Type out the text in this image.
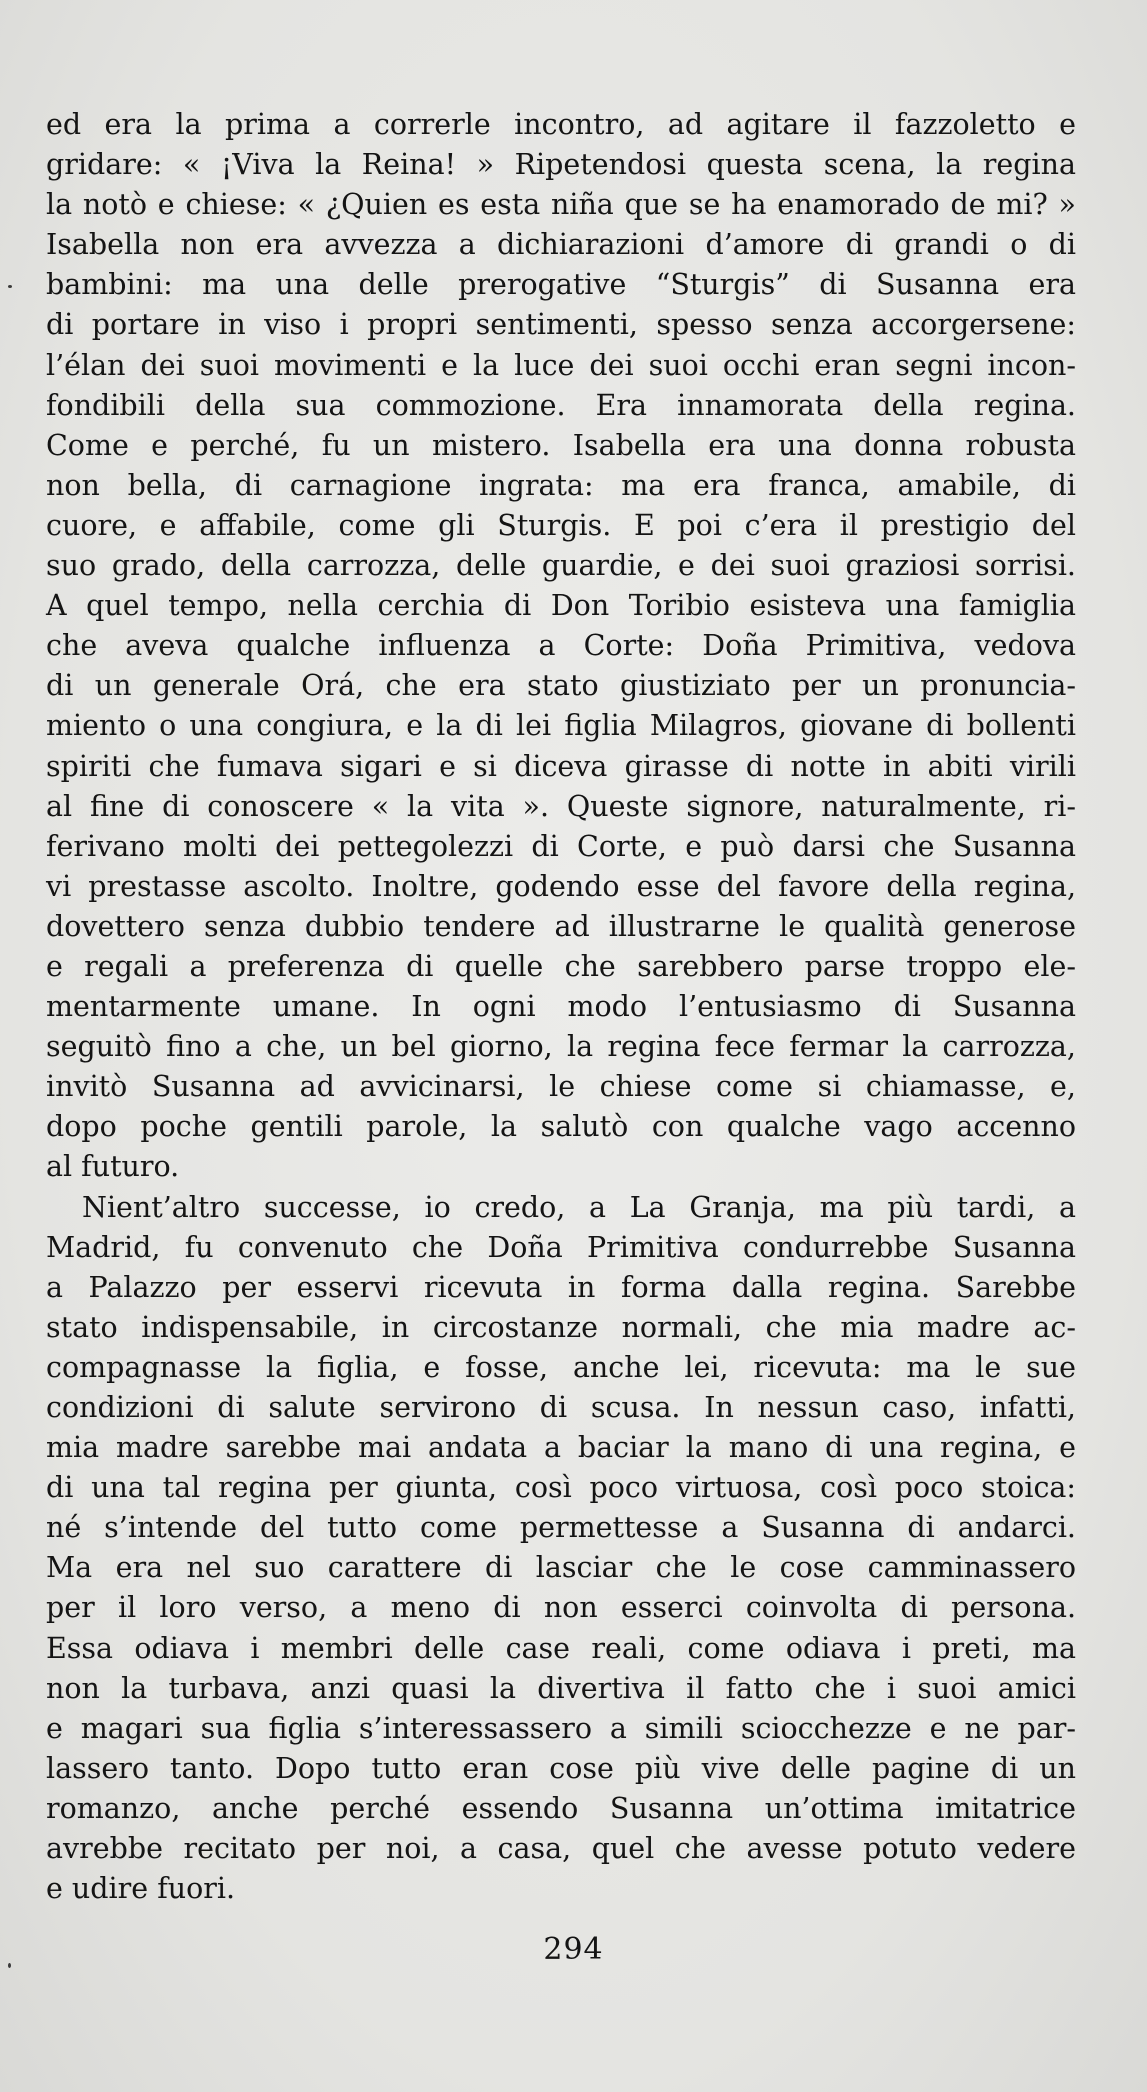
ed era la prima a correrle incontro, ad agitare il fazzoletto e
gridare: « ¡Viva la Reina! » Ripetendosi questa scena, la regina
la notò e chiese: « ¿Quien es esta niña que se ha enamorado de mi? »
Isabella non era avvezza a dichiarazioni d’amore di grandi o di
bambini: ma una delle prerogative “Sturgis” di Susanna era
di portare in viso i propri sentimenti, spesso senza accorgersene:
l’élan dei suoi movimenti e la luce dei suoi occhi eran segni incon-
fondibili della sua commozione. Era innamorata della regina.
Come e perché, fu un mistero. Isabella era una donna robusta
non bella, di carnagione ingrata: ma era franca, amabile, di
cuore, e affabile, come gli Sturgis. E poi c’era il prestigio del
suo grado, della carrozza, delle guardie, e dei suoi graziosi sorrisi.
A quel tempo, nella cerchia di Don Toribio esisteva una famiglia
che aveva qualche influenza a Corte: Doña Primitiva, vedova
di un generale Orá, che era stato giustiziato per un pronuncia-
miento o una congiura, e la di lei figlia Milagros, giovane di bollenti
spiriti che fumava sigari e si diceva girasse di notte in abiti virili
al fine di conoscere « la vita ». Queste signore, naturalmente, ri-
ferivano molti dei pettegolezzi di Corte, e può darsi che Susanna
vi prestasse ascolto. Inoltre, godendo esse del favore della regina,
dovettero senza dubbio tendere ad illustrarne le qualità generose
e regali a preferenza di quelle che sarebbero parse troppo ele-
mentarmente umane. In ogni modo l’entusiasmo di Susanna
seguitò fino a che, un bel giorno, la regina fece fermar la carrozza,
invitò Susanna ad avvicinarsi, le chiese come si chiamasse, e,
dopo poche gentili parole, la salutò con qualche vago accenno
al futuro.
Nient’altro successe, io credo, a La Granja, ma più tardi, a
Madrid, fu convenuto che Doña Primitiva condurrebbe Susanna
a Palazzo per esservi ricevuta in forma dalla regina. Sarebbe
stato indispensabile, in circostanze normali, che mia madre ac-
compagnasse la figlia, e fosse, anche lei, ricevuta: ma le sue
condizioni di salute servirono di scusa. In nessun caso, infatti,
mia madre sarebbe mai andata a baciar la mano di una regina, e
di una tal regina per giunta, così poco virtuosa, così poco stoica:
né s’intende del tutto come permettesse a Susanna di andarci.
Ma era nel suo carattere di lasciar che le cose camminassero
per il loro verso, a meno di non esserci coinvolta di persona.
Essa odiava i membri delle case reali, come odiava i preti, ma
non la turbava, anzi quasi la divertiva il fatto che i suoi amici
e magari sua figlia s’interessassero a simili sciocchezze e ne par-
lassero tanto. Dopo tutto eran cose più vive delle pagine di un
romanzo, anche perché essendo Susanna un’ottima imitatrice
avrebbe recitato per noi, a casa, quel che avesse potuto vedere
e udire fuori.
294
